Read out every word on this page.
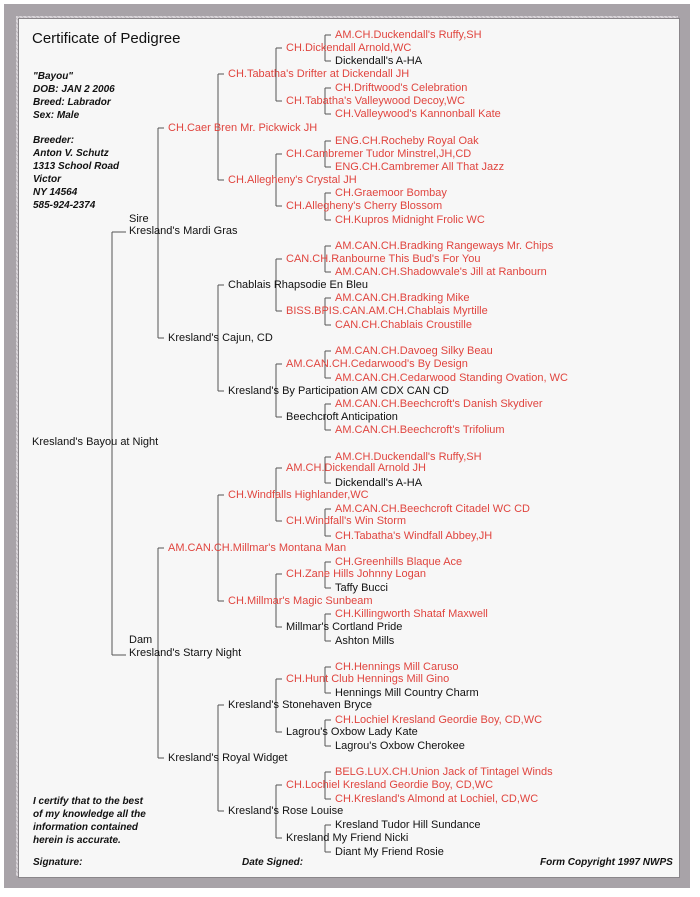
Certificate of Pedigree
"Bayou"
DOB: JAN 2 2006
Breed: Labrador
Sex: Male
Breeder:
Anton V. Schutz
1313 School Road
Victor
NY 14564
585-924-2374
Kresland's Bayou at Night
Sire
Kresland's Mardi Gras
Dam
Kresland's Starry Night
CH.Caer Bren Mr. Pickwick JH
Kresland's Cajun, CD
AM.CAN.CH.Millmar's Montana Man
Kresland's Royal Widget
CH.Tabatha's Drifter at Dickendall JH
CH.Allegheny's Crystal JH
Chablais Rhapsodie En Bleu
Kresland's By Participation AM CDX CAN CD
CH.Windfalls Highlander,WC
CH.Millmar's Magic Sunbeam
Kresland's Stonehaven Bryce
Kresland's Rose Louise
CH.Dickendall Arnold,WC
CH.Tabatha's Valleywood Decoy,WC
CH.Cambremer Tudor Minstrel,JH,CD
CH.Allegheny's Cherry Blossom
CAN.CH.Ranbourne This Bud's For You
BISS.BPIS.CAN.AM.CH.Chablais Myrtille
AM.CAN.CH.Cedarwood's By Design
Beechcroft Anticipation
AM.CH.Dickendall Arnold JH
CH.Windfall's Win Storm
CH.Zane Hills Johnny Logan
Millmar's Cortland Pride
CH.Hunt Club Hennings Mill Gino
Lagrou's Oxbow Lady Kate
CH.Lochiel Kresland Geordie Boy, CD,WC
Kresland My Friend Nicki
AM.CH.Duckendall's Ruffy,SH
Dickendall's A-HA
CH.Driftwood's Celebration
CH.Valleywood's Kannonball Kate
ENG.CH.Rocheby Royal Oak
ENG.CH.Cambremer All That Jazz
CH.Graemoor Bombay
CH.Kupros Midnight Frolic WC
AM.CAN.CH.Bradking Rangeways Mr. Chips
AM.CAN.CH.Shadowvale's Jill at Ranbourn
AM.CAN.CH.Bradking Mike
CAN.CH.Chablais Croustille
AM.CAN.CH.Davoeg Silky Beau
AM.CAN.CH.Cedarwood Standing Ovation, WC
AM.CAN.CH.Beechcroft's Danish Skydiver
AM.CAN.CH.Beechcroft's Trifolium
AM.CH.Duckendall's Ruffy,SH
Dickendall's A-HA
AM.CAN.CH.Beechcroft Citadel WC CD
CH.Tabatha's Windfall Abbey,JH
CH.Greenhills Blaque Ace
Taffy Bucci
CH.Killingworth Shataf Maxwell
Ashton Mills
CH.Hennings Mill Caruso
Hennings Mill Country Charm
CH.Lochiel Kresland Geordie Boy, CD,WC
Lagrou's Oxbow Cherokee
BELG.LUX.CH.Union Jack of Tintagel Winds
CH.Kresland's Almond at Lochiel, CD,WC
Kresland Tudor Hill Sundance
Diant My Friend Rosie
I certify that to the best of my knowledge all the information contained herein is accurate.
Signature:	Date Signed:	Form Copyright 1997 NWPS
